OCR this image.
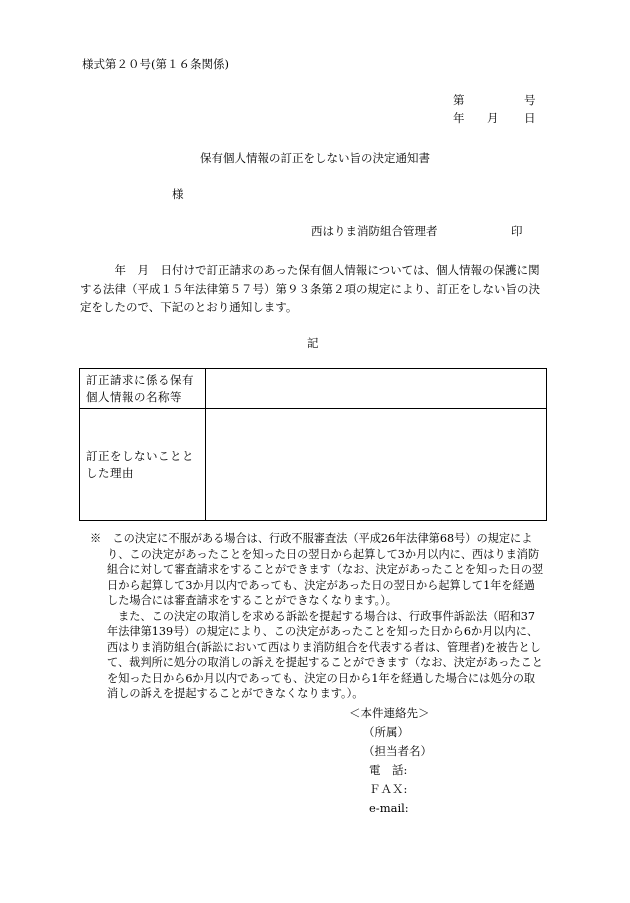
様式第２０号(第１６条関係)
第	号
年 月 日
保有個人情報の訂正をしない旨の決定通知書
様
西はりま消防組合管理者	印
　　　年　月　日付けで訂正請求のあった保有個人情報については、個人情報の保護に関する法律（平成１５年法律第５７号）第９３条第２項の規定により、訂正をしない旨の決定をしたので、下記のとおり通知します。
記
訂正請求に係る保有個人情報の名称等	
訂正をしないこととした理由	

※　この決定に不服がある場合は、行政不服審査法（平成26年法律第68号）の規定により、この決定があったことを知った日の翌日から起算して3か月以内に、西はりま消防組合に対して審査請求をすることができます（なお、決定があったことを知った日の翌日から起算して3か月以内であっても、決定があった日の翌日から起算して1年を経過した場合には審査請求をすることができなくなります。）。

また、この決定の取消しを求める訴訟を提起する場合は、行政事件訴訟法（昭和37年法律第139号）の規定により、この決定があったことを知った日から6か月以内に、西はりま消防組合(訴訟において西はりま消防組合を代表する者は、管理者)を被告として、裁判所に処分の取消しの訴えを提起することができます（なお、決定があったことを知った日から6か月以内であっても、決定の日から1年を経過した場合には処分の取消しの訴えを提起することができなくなります。）。

＜本件連絡先＞
（所属）
（担当者名）
電　話:
ＦＡＸ:
e-mail:
